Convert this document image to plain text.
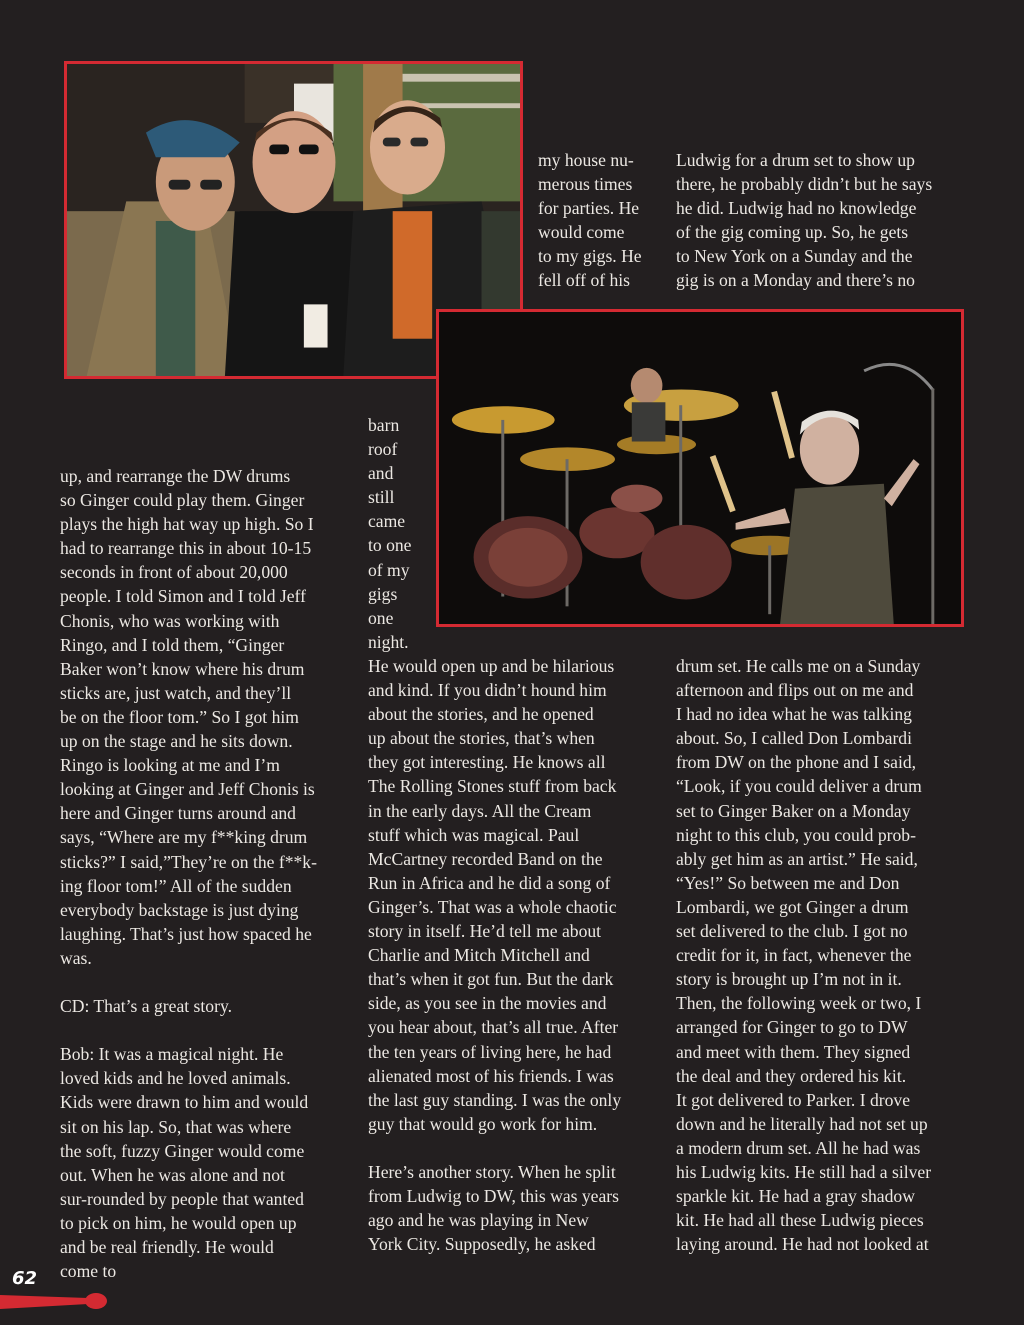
up, and rearrange the DW drums
so Ginger could play them. Ginger
plays the high hat way up high. So I
had to rearrange this in about 10-15
seconds in front of about 20,000
people. I told Simon and I told Jeff
Chonis, who was working with
Ringo, and I told them, “Ginger
Baker won’t know where his drum
sticks are, just watch, and they’ll
be on the floor tom.” So I got him
up on the stage and he sits down.
Ringo is looking at me and I’m
looking at Ginger and Jeff Chonis is
here and Ginger turns around and
says, “Where are my f**king drum
sticks?” I said,”They’re on the f**k-
ing floor tom!” All of the sudden
everybody backstage is just dying
laughing. That’s just how spaced he
was.

CD: That’s a great story.

Bob: It was a magical night. He
loved kids and he loved animals.
Kids were drawn to him and would
sit on his lap. So, that was where
the soft, fuzzy Ginger would come
out. When he was alone and not
sur-rounded by people that wanted
to pick on him, he would open up
and be real friendly. He would
come to
my house nu-
merous times
for parties. He
would come
to my gigs. He
fell off of his
barn
roof
and
still
came
to one
of my
gigs
one
night.
He would open up and be hilarious
and kind. If you didn’t hound him
about the stories, and he opened
up about the stories, that’s when
they got interesting. He knows all
The Rolling Stones stuff from back
in the early days. All the Cream
stuff which was magical. Paul
McCartney recorded Band on the
Run in Africa and he did a song of
Ginger’s. That was a whole chaotic
story in itself. He’d tell me about
Charlie and Mitch Mitchell and
that’s when it got fun. But the dark
side, as you see in the movies and
you hear about, that’s all true. After
the ten years of living here, he had
alienated most of his friends. I was
the last guy standing. I was the only
guy that would go work for him.

Here’s another story. When he split
from Ludwig to DW, this was years
ago and he was playing in New
York City. Supposedly, he asked
Ludwig for a drum set to show up
there, he probably didn’t but he says
he did. Ludwig had no knowledge
of the gig coming up. So, he gets
to New York on a Sunday and the
gig is on a Monday and there’s no
drum set. He calls me on a Sunday
afternoon and flips out on me and
I had no idea what he was talking
about. So, I called Don Lombardi
from DW on the phone and I said,
“Look, if you could deliver a drum
set to Ginger Baker on a Monday
night to this club, you could prob-
ably get him as an artist.” He said,
“Yes!” So between me and Don
Lombardi, we got Ginger a drum
set delivered to the club. I got no
credit for it, in fact, whenever the
story is brought up I’m not in it.
Then, the following week or two, I
arranged for Ginger to go to DW
and meet with them. They signed
the deal and they ordered his kit.
It got delivered to Parker. I drove
down and he literally had not set up
a modern drum set. All he had was
his Ludwig kits. He still had a silver
sparkle kit. He had a gray shadow
kit. He had all these Ludwig pieces
laying around. He had not looked at
62
